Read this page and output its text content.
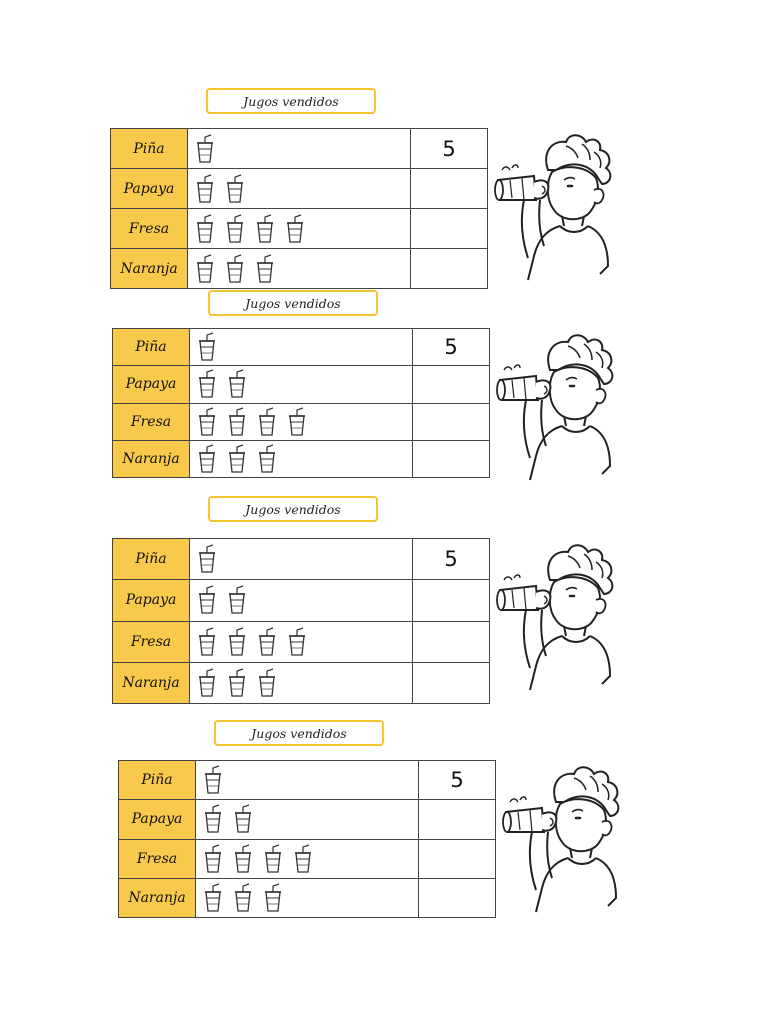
Jugos vendidos
Piña		5
Papaya	

Fresa	

Naranja	

Jugos vendidos
Piña		5
Papaya	

Fresa	

Naranja	

Jugos vendidos
Piña		5
Papaya	

Fresa	

Naranja	

Jugos vendidos
Piña		5
Papaya	

Fresa	

Naranja	
